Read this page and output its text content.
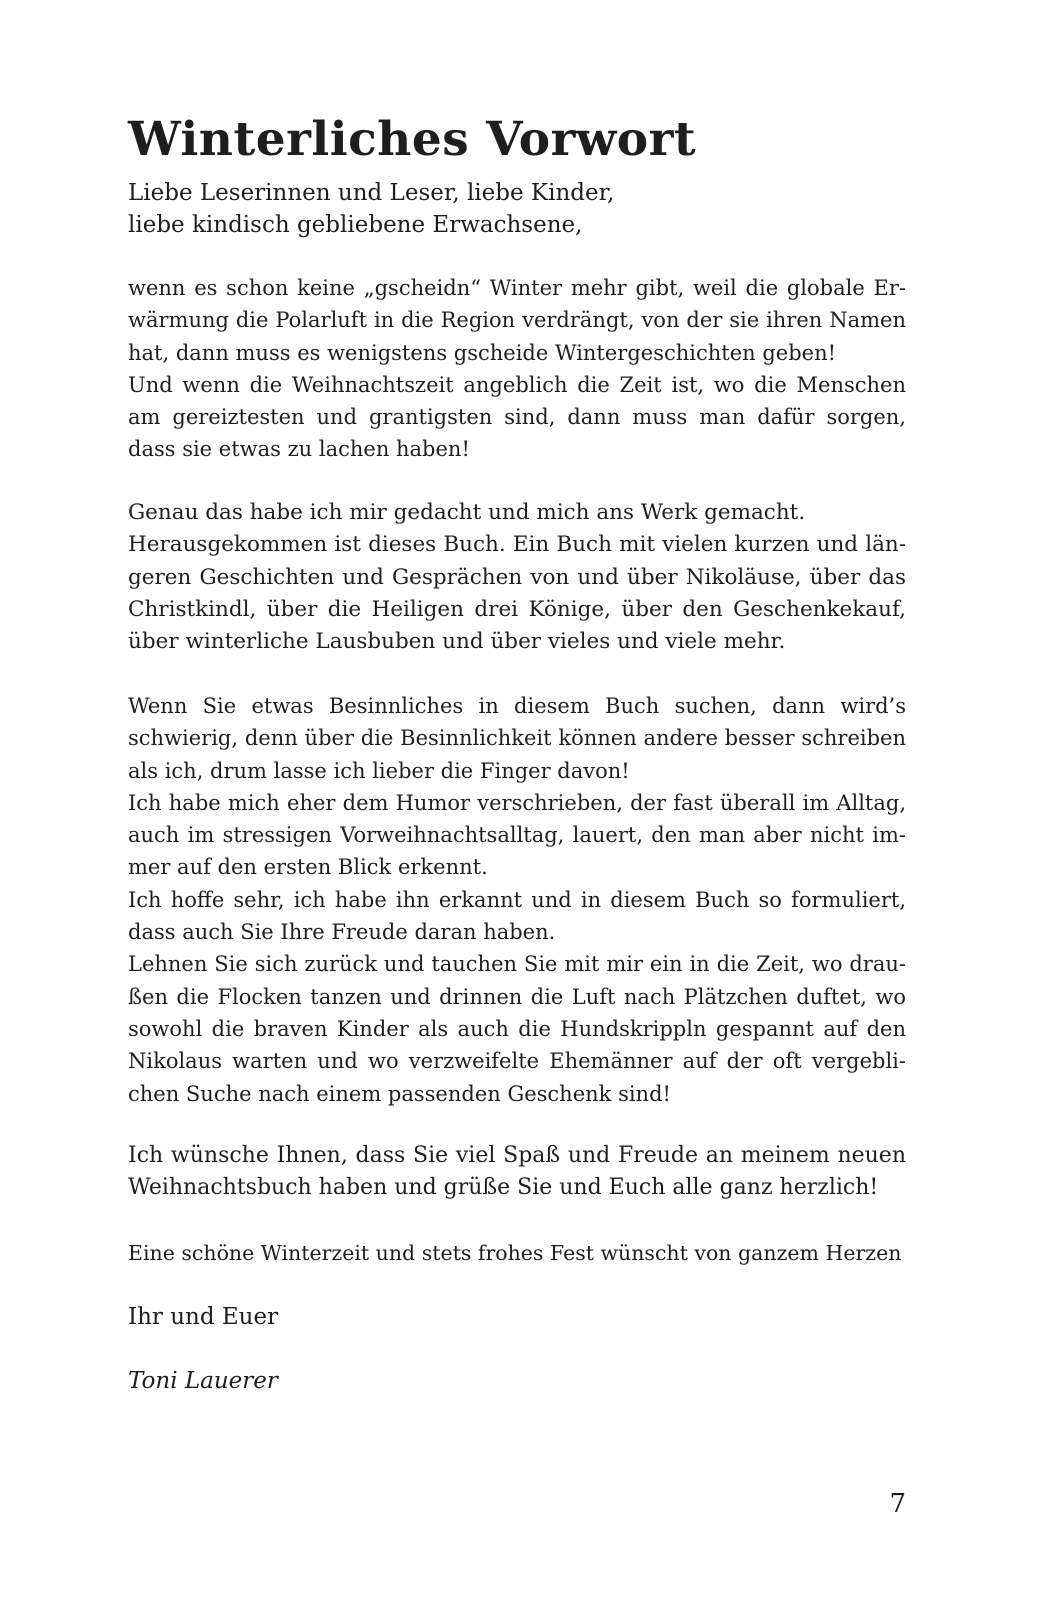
Winterliches Vorwort

Liebe Leserinnen und Leser, liebe Kinder,
liebe kindisch gebliebene Erwachsene,

wenn es schon keine „gscheidn“ Winter mehr gibt, weil die globale Er-
wärmung die Polarluft in die Region verdrängt, von der sie ihren Namen
hat, dann muss es wenigstens gscheide Wintergeschichten geben!
Und wenn die Weihnachtszeit angeblich die Zeit ist, wo die Menschen
am gereiztesten und grantigsten sind, dann muss man dafür sorgen,
dass sie etwas zu lachen haben!

Genau das habe ich mir gedacht und mich ans Werk gemacht.
Herausgekommen ist dieses Buch. Ein Buch mit vielen kurzen und län-
geren Geschichten und Gesprächen von und über Nikoläuse, über das
Christkindl, über die Heiligen drei Könige, über den Geschenkekauf,
über winterliche Lausbuben und über vieles und viele mehr.

Wenn Sie etwas Besinnliches in diesem Buch suchen, dann wird’s
schwierig, denn über die Besinnlichkeit können andere besser schreiben
als ich, drum lasse ich lieber die Finger davon!
Ich habe mich eher dem Humor verschrieben, der fast überall im Alltag,
auch im stressigen Vorweihnachtsalltag, lauert, den man aber nicht im-
mer auf den ersten Blick erkennt.
Ich hoffe sehr, ich habe ihn erkannt und in diesem Buch so formuliert,
dass auch Sie Ihre Freude daran haben.
Lehnen Sie sich zurück und tauchen Sie mit mir ein in die Zeit, wo drau-
ßen die Flocken tanzen und drinnen die Luft nach Plätzchen duftet, wo
sowohl die braven Kinder als auch die Hundskrippln gespannt auf den
Nikolaus warten und wo verzweifelte Ehemänner auf der oft vergebli-
chen Suche nach einem passenden Geschenk sind!

Ich wünsche Ihnen, dass Sie viel Spaß und Freude an meinem neuen
Weihnachtsbuch haben und grüße Sie und Euch alle ganz herzlich!

Eine schöne Winterzeit und stets frohes Fest wünscht von ganzem Herzen

Ihr und Euer

Toni Lauerer

7
